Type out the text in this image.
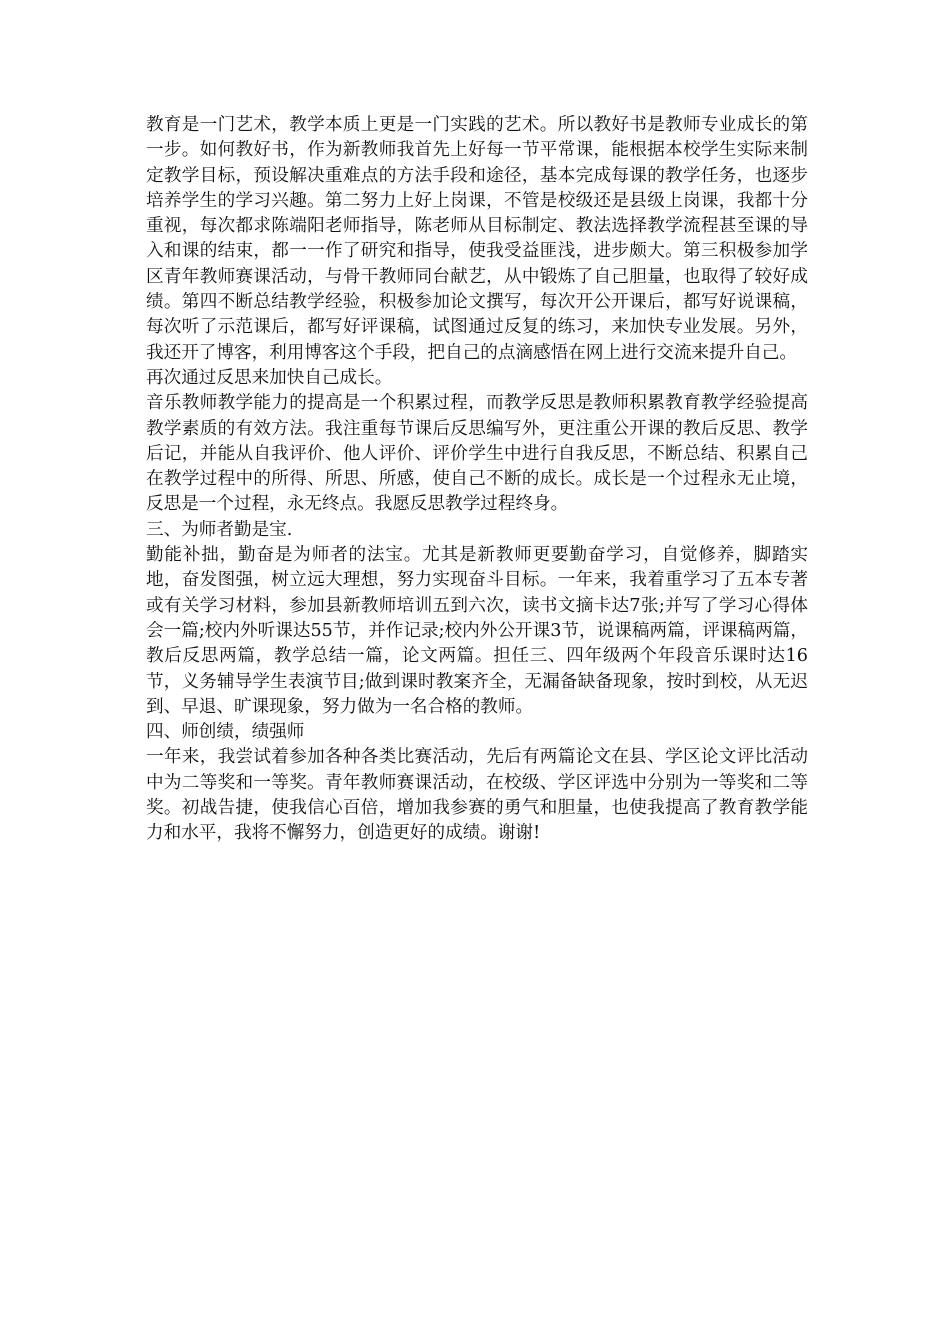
教育是一门艺术，教学本质上更是一门实践的艺术。所以教好书是教师专业成长的第一步。如何教好书，作为新教师我首先上好每一节平常课，能根据本校学生实际来制定教学目标，预设解决重难点的方法手段和途径，基本完成每课的教学任务，也逐步培养学生的学习兴趣。第二努力上好上岗课，不管是校级还是县级上岗课，我都十分重视，每次都求陈端阳老师指导，陈老师从目标制定、教法选择教学流程甚至课的导入和课的结束，都一一作了研究和指导，使我受益匪浅，进步颇大。第三积极参加学区青年教师赛课活动，与骨干教师同台献艺，从中锻炼了自己胆量，也取得了较好成绩。第四不断总结教学经验，积极参加论文撰写，每次开公开课后，都写好说课稿，每次听了示范课后，都写好评课稿，试图通过反复的练习，来加快专业发展。另外，我还开了博客，利用博客这个手段，把自己的点滴感悟在网上进行交流来提升自己。

再次通过反思来加快自己成长。

音乐教师教学能力的提高是一个积累过程，而教学反思是教师积累教育教学经验提高教学素质的有效方法。我注重每节课后反思编写外，更注重公开课的教后反思、教学后记，并能从自我评价、他人评价、评价学生中进行自我反思，不断总结、积累自己在教学过程中的所得、所思、所感，使自己不断的成长。成长是一个过程永无止境，反思是一个过程，永无终点。我愿反思教学过程终身。

三、为师者勤是宝.

勤能补拙，勤奋是为师者的法宝。尤其是新教师更要勤奋学习，自觉修养，脚踏实地，奋发图强，树立远大理想，努力实现奋斗目标。一年来，我着重学习了五本专著或有关学习材料，参加县新教师培训五到六次，读书文摘卡达7张;并写了学习心得体会一篇;校内外听课达55节，并作记录;校内外公开课3节，说课稿两篇，评课稿两篇，教后反思两篇，教学总结一篇，论文两篇。担任三、四年级两个年段音乐课时达16节，义务辅导学生表演节目;做到课时教案齐全，无漏备缺备现象，按时到校，从无迟到、早退、旷课现象，努力做为一名合格的教师。

四、师创绩，绩强师

一年来，我尝试着参加各种各类比赛活动，先后有两篇论文在县、学区论文评比活动中为二等奖和一等奖。青年教师赛课活动，在校级、学区评选中分别为一等奖和二等奖。初战告捷，使我信心百倍，增加我参赛的勇气和胆量，也使我提高了教育教学能力和水平，我将不懈努力，创造更好的成绩。谢谢!
